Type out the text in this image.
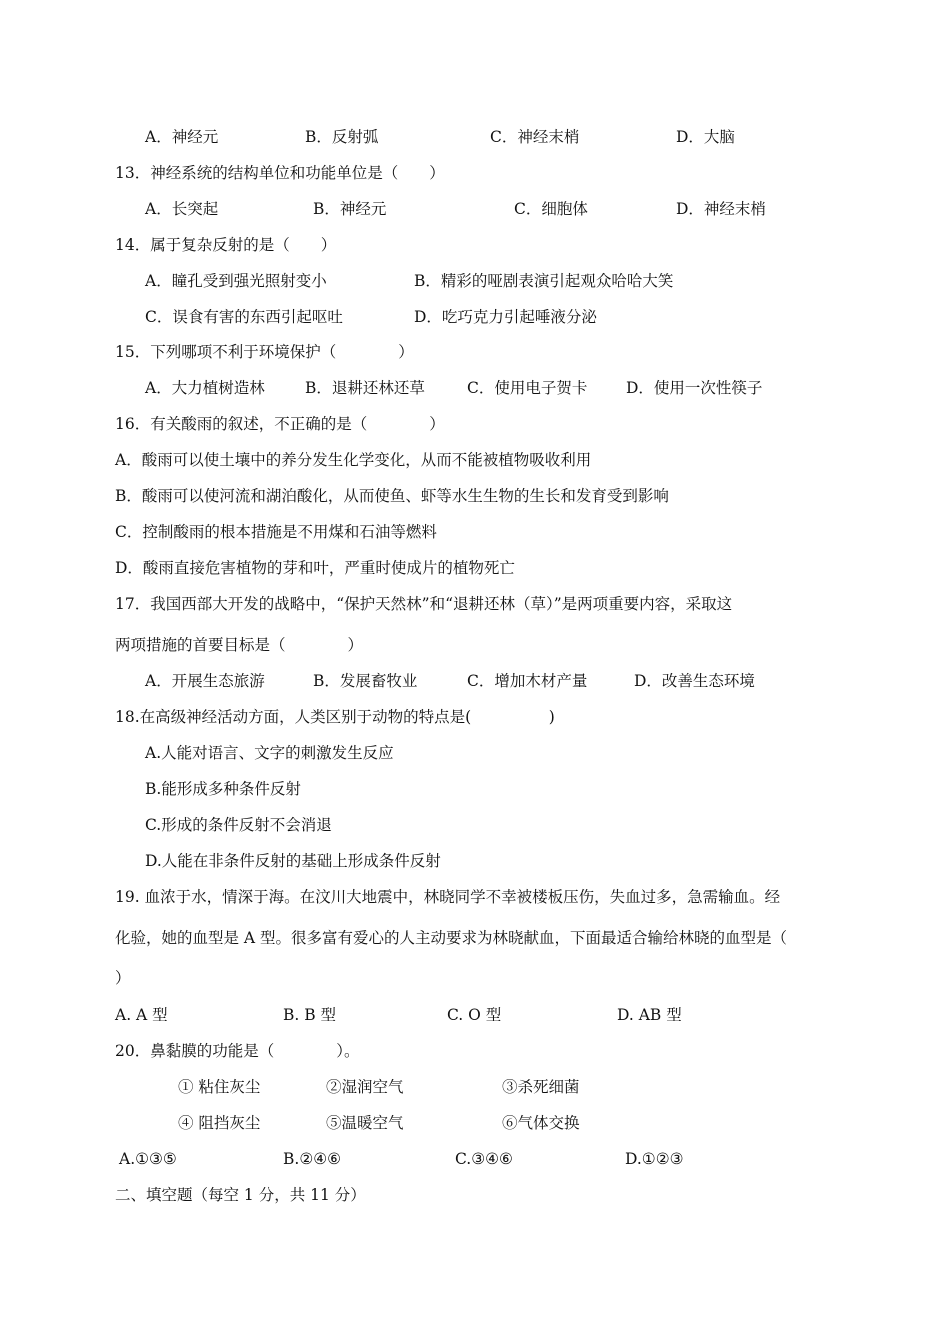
A．神经元	B．反射弧	C．神经末梢	D．大脑
13．神经系统的结构单位和功能单位是（　　）
A．长突起	B．神经元	C．细胞体	D．神经末梢
14．属于复杂反射的是（　　）
A．瞳孔受到强光照射变小	B．精彩的哑剧表演引起观众哈哈大笑
C．误食有害的东西引起呕吐	D．吃巧克力引起唾液分泌
15．下列哪项不利于环境保护（　　　　）
A．大力植树造林	B．退耕还林还草	C．使用电子贺卡 D．使用一次性筷子
16．有关酸雨的叙述，不正确的是（　　　　）
A．酸雨可以使土壤中的养分发生化学变化，从而不能被植物吸收利用
B．酸雨可以使河流和湖泊酸化，从而使鱼、虾等水生生物的生长和发育受到影响
C．控制酸雨的根本措施是不用煤和石油等燃料
D．酸雨直接危害植物的芽和叶，严重时使成片的植物死亡
17．我国西部大开发的战略中，“保护天然林”和“退耕还林（草）”是两项重要内容，采取这
两项措施的首要目标是（　　　　）
A．开展生态旅游	B．发展畜牧业	C．增加木材产量	D．改善生态环境
18.在高级神经活动方面，人类区别于动物的特点是(　　　　　)
A.人能对语言、文字的刺激发生反应
B.能形成多种条件反射
C.形成的条件反射不会消退
D.人能在非条件反射的基础上形成条件反射
19. 血浓于水，情深于海。在汶川大地震中，林晓同学不幸被楼板压伤，失血过多，急需输血。经
化验，她的血型是 A 型。很多富有爱心的人主动要求为林晓献血，下面最适合输给林晓的血型是（
）
A. A 型	B. B 型	C. O 型	D. AB 型
20．鼻黏膜的功能是（　　　　）。
① 粘住灰尘	②湿润空气	③杀死细菌
④ 阻挡灰尘	⑤温暖空气	⑥气体交换
A.①③⑤	B.②④⑥	C.③④⑥	D.①②③
二、填空题（每空 1 分，共 11 分）
